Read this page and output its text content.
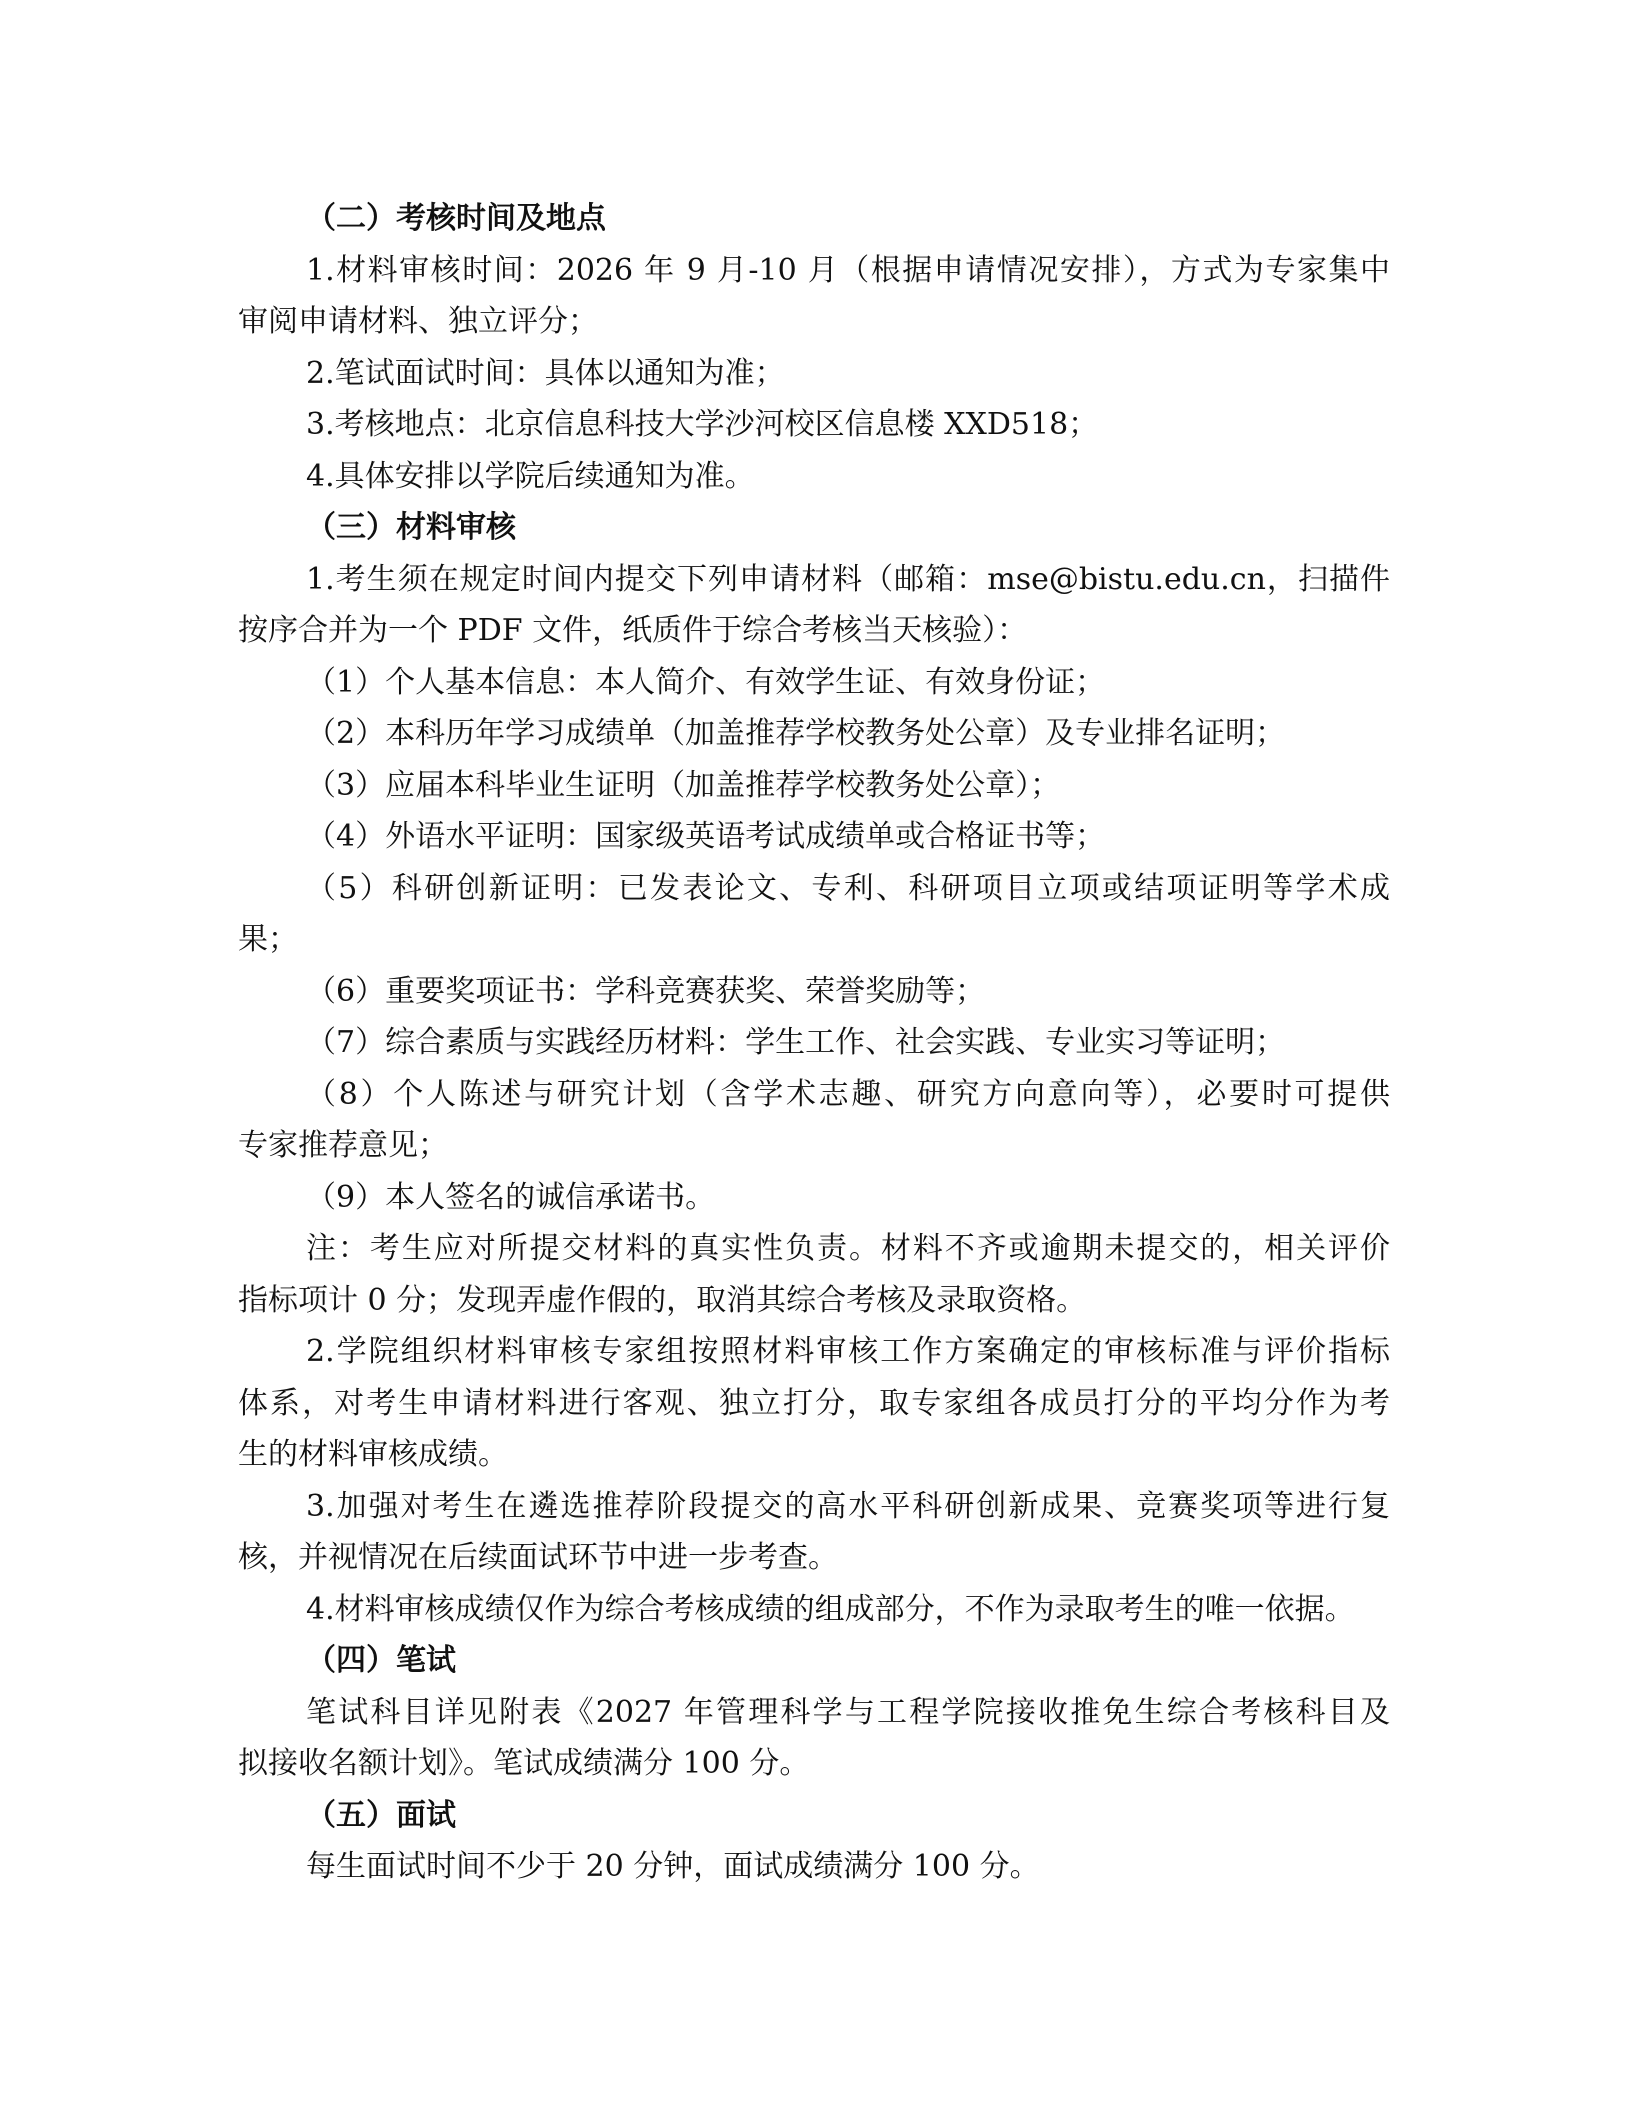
（二）考核时间及地点
1.材料审核时间：2026 年 9 月-10 月（根据申请情况安排），方式为专家集中
审阅申请材料、独立评分；
2.笔试面试时间：具体以通知为准；
3.考核地点：北京信息科技大学沙河校区信息楼 XXD518；
4.具体安排以学院后续通知为准。
（三）材料审核
1.考生须在规定时间内提交下列申请材料（邮箱：mse@bistu.edu.cn，扫描件
按序合并为一个 PDF 文件，纸质件于综合考核当天核验）：
（1）个人基本信息：本人简介、有效学生证、有效身份证；
（2）本科历年学习成绩单（加盖推荐学校教务处公章）及专业排名证明；
（3）应届本科毕业生证明（加盖推荐学校教务处公章）；
（4）外语水平证明：国家级英语考试成绩单或合格证书等；
（5）科研创新证明：已发表论文、专利、科研项目立项或结项证明等学术成
果；
（6）重要奖项证书：学科竞赛获奖、荣誉奖励等；
（7）综合素质与实践经历材料：学生工作、社会实践、专业实习等证明；
（8）个人陈述与研究计划（含学术志趣、研究方向意向等），必要时可提供
专家推荐意见；
（9）本人签名的诚信承诺书。
注：考生应对所提交材料的真实性负责。材料不齐或逾期未提交的，相关评价
指标项计 0 分；发现弄虚作假的，取消其综合考核及录取资格。
2.学院组织材料审核专家组按照材料审核工作方案确定的审核标准与评价指标
体系，对考生申请材料进行客观、独立打分，取专家组各成员打分的平均分作为考
生的材料审核成绩。
3.加强对考生在遴选推荐阶段提交的高水平科研创新成果、竞赛奖项等进行复
核，并视情况在后续面试环节中进一步考查。
4.材料审核成绩仅作为综合考核成绩的组成部分，不作为录取考生的唯一依据。
（四）笔试
笔试科目详见附表《2027 年管理科学与工程学院接收推免生综合考核科目及
拟接收名额计划》。笔试成绩满分 100 分。
（五）面试
每生面试时间不少于 20 分钟，面试成绩满分 100 分。
